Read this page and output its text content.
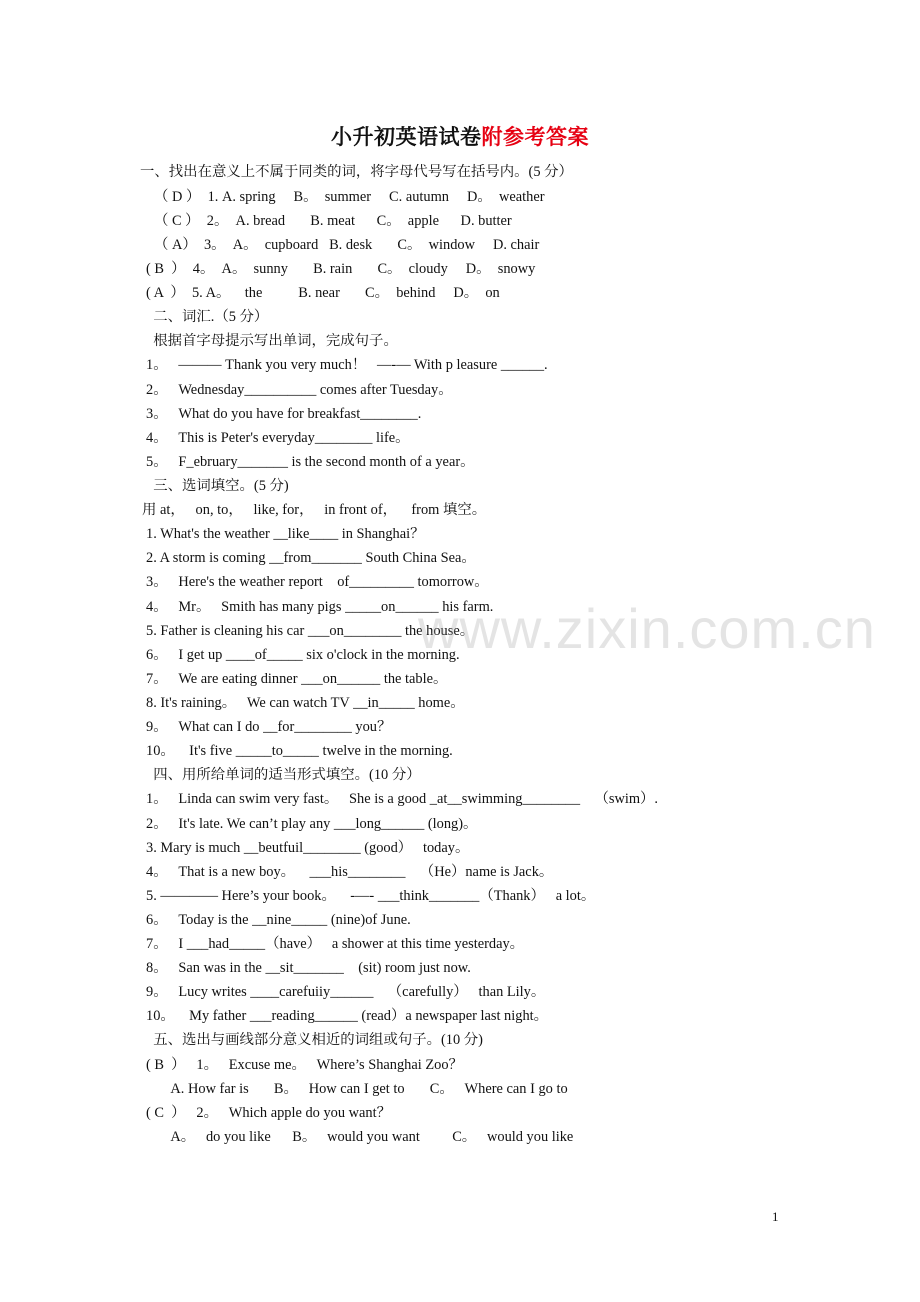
小升初英语试卷附参考答案
一、找出在意义上不属于同类的词，将字母代号写在括号内。(5 分）
（ D ）  1. A. spring     B。  summer     C. autumn     D。  weather
（ C ）  2。  A. bread       B. meat      C。  apple      D. butter
（ A）  3。  A。  cupboard   B. desk       C。  window     D. chair
( B  ）  4。  A。  sunny       B. rain       C。  cloudy     D。  snowy
( A  ）  5. A。    the          B. near       C。  behind     D。  on
二、词汇.（5 分）
根据首字母提示写出单词，完成句子。
1。   ——— Thank you very much！   —-— With p leasure ______.
2。   Wednesday__________ comes after Tuesday。
3。   What do you have for breakfast________.
4。   This is Peter's everyday________ life。
5。   F_ebruary_______ is the second month of a year。
三、选词填空。(5 分)
用 at，   on, to，   like, for，   in front of，    from 填空。
1. What's the weather __like____ in Shanghai？
2. A storm is coming __from_______ South China Sea。
3。   Here's the weather report    of_________ tomorrow。
4。   Mr。   Smith has many pigs _____on______ his farm.
5. Father is cleaning his car ___on________ the house。
6。   I get up ____of_____ six o'clock in the morning.
7。   We are eating dinner ___on______ the table。
8. It's raining。   We can watch TV __in_____ home。
9。   What can I do __for________ you？
10。    It's five _____to_____ twelve in the morning.
四、用所给单词的适当形式填空。(10 分）
1。   Linda can swim very fast。   She is a good _at__swimming________    （swim）.
2。   It's late. We can’t play any ___long______ (long)。
3. Mary is much __beutfuil________ (good）   today。
4。   That is a new boy。    ___his________    （He）name is Jack。
5. ———— Here’s your book。    -—- ___think_______（Thank）   a lot。
6。   Today is the __nine_____ (nine)of June.
7。   I ___had_____（have）   a shower at this time yesterday。
8。   San was in the __sit_______    (sit) room just now.
9。   Lucy writes ____carefuiiy______    （carefully）   than Lily。
10。    My father ___reading______ (read）a newspaper last night。
五、选出与画线部分意义相近的词组或句子。(10 分)
( B  ）   1。   Excuse me。   Where’s Shanghai Zoo？
A. How far is       B。   How can I get to       C。   Where can I go to
( C  ）   2。   Which apple do you want？
A。   do you like      B。   would you want         C。   would you like
www.zixin.com.cn
1
